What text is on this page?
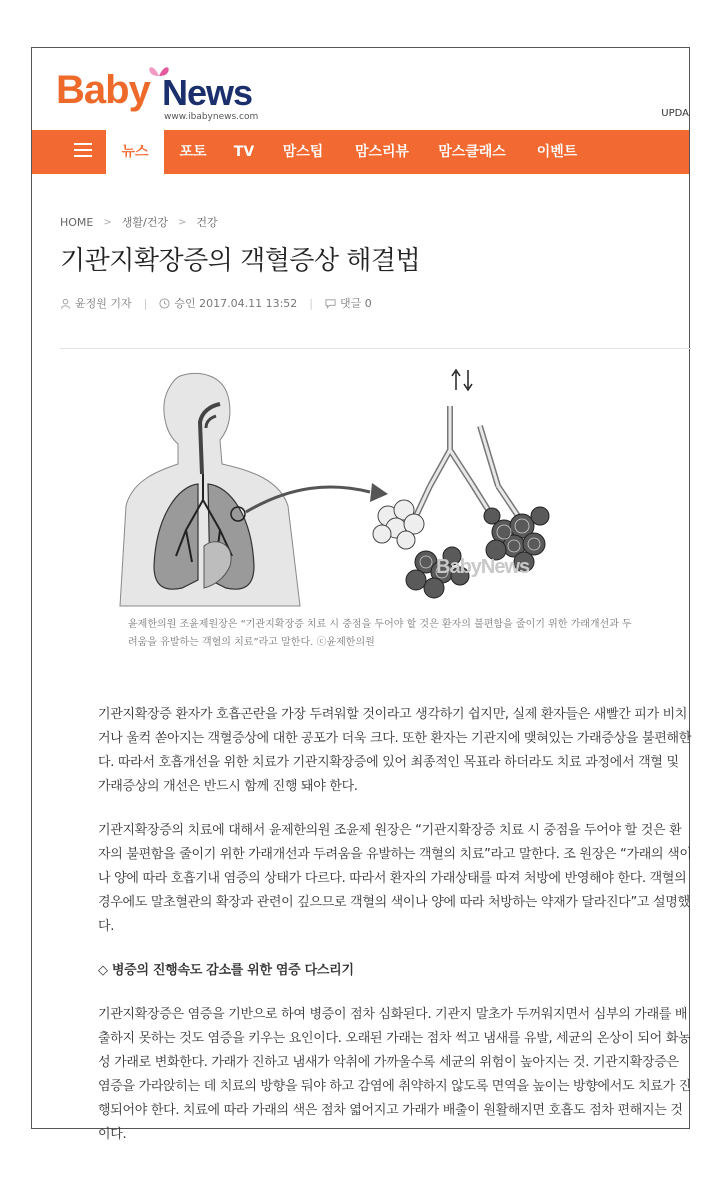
Baby News
www.ibabynews.com	UPDA
뉴스	포토	TV	맘스팁	맘스리뷰	맘스클래스	이벤트
HOME > 생활/건강 > 건강
기관지확장증의 객혈증상 해결법
윤정원 기자 | 승인 2017.04.11 13:52 | 댓글 0
BabyNews

윤제한의원 조윤제원장은 “기관지확장증 치료 시 중점을 두어야 할 것은 환자의 불편함을 줄이기 위한 가래개선과 두려움을 유발하는 객혈의 치료”라고 말한다. ⓒ윤제한의원

기관지확장증 환자가 호흡곤란을 가장 두려워할 것이라고 생각하기 쉽지만, 실제 환자들은 새빨간 피가 비치거나 울컥 쏟아지는 객혈증상에 대한 공포가 더욱 크다. 또한 환자는 기관지에 맺혀있는 가래증상을 불편해한다. 따라서 호흡개선을 위한 치료가 기관지확장증에 있어 최종적인 목표라 하더라도 치료 과정에서 객혈 및 가래증상의 개선은 반드시 함께 진행 돼야 한다.

기관지확장증의 치료에 대해서 윤제한의원 조윤제 원장은 “기관지확장증 치료 시 중점을 두어야 할 것은 환자의 불편함을 줄이기 위한 가래개선과 두려움을 유발하는 객혈의 치료”라고 말한다. 조 원장은 “가래의 색이나 양에 따라 호흡기내 염증의 상태가 다르다. 따라서 환자의 가래상태를 따져 처방에 반영해야 한다. 객혈의 경우에도 말초혈관의 확장과 관련이 깊으므로 객혈의 색이나 양에 따라 처방하는 약재가 달라진다”고 설명했다.

◇ 병증의 진행속도 감소를 위한 염증 다스리기

기관지확장증은 염증을 기반으로 하여 병증이 점차 심화된다. 기관지 말초가 두꺼워지면서 심부의 가래를 배출하지 못하는 것도 염증을 키우는 요인이다. 오래된 가래는 점차 썩고 냄새를 유발, 세균의 온상이 되어 화농성 가래로 변화한다. 가래가 진하고 냄새가 악취에 가까울수록 세균의 위험이 높아지는 것. 기관지확장증은 염증을 가라앉히는 데 치료의 방향을 둬야 하고 감염에 취약하지 않도록 면역을 높이는 방향에서도 치료가 진행되어야 한다. 치료에 따라 가래의 색은 점차 엷어지고 가래가 배출이 원활해지면 호흡도 점차 편해지는 것이다.
